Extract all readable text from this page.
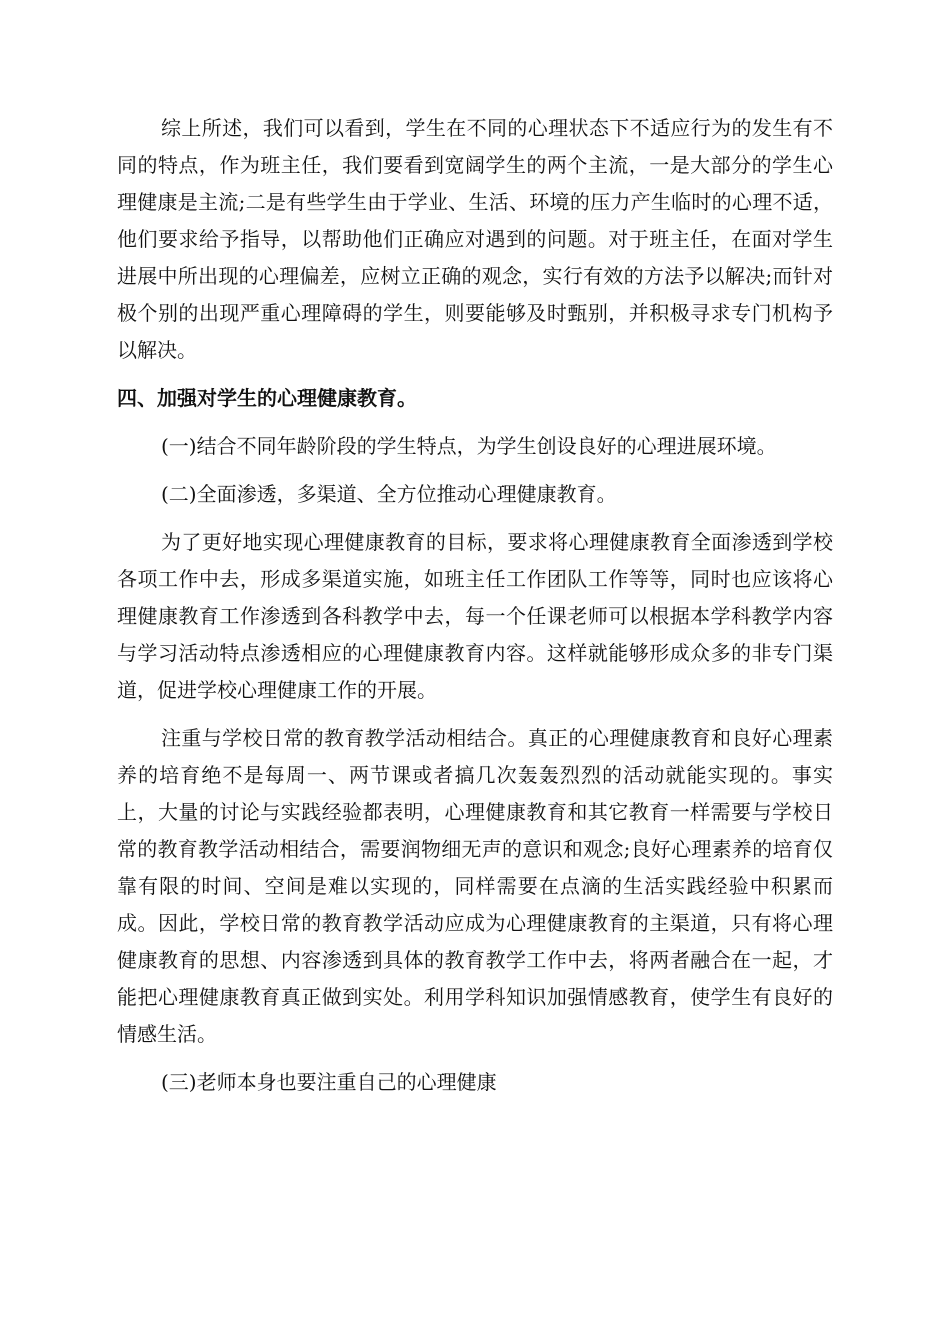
综上所述，我们可以看到，学生在不同的心理状态下不适应行为的发生有不同的特点，作为班主任，我们要看到宽阔学生的两个主流，一是大部分的学生心理健康是主流;二是有些学生由于学业、生活、环境的压力产生临时的心理不适，他们要求给予指导，以帮助他们正确应对遇到的问题。对于班主任，在面对学生进展中所出现的心理偏差，应树立正确的观念，实行有效的方法予以解决;而针对极个别的出现严重心理障碍的学生，则要能够及时甄别，并积极寻求专门机构予以解决。

四、加强对学生的心理健康教育。

(一)结合不同年龄阶段的学生特点，为学生创设良好的心理进展环境。

(二)全面渗透，多渠道、全方位推动心理健康教育。

为了更好地实现心理健康教育的目标，要求将心理健康教育全面渗透到学校各项工作中去，形成多渠道实施，如班主任工作团队工作等等，同时也应该将心理健康教育工作渗透到各科教学中去，每一个任课老师可以根据本学科教学内容与学习活动特点渗透相应的心理健康教育内容。这样就能够形成众多的非专门渠道，促进学校心理健康工作的开展。

注重与学校日常的教育教学活动相结合。真正的心理健康教育和良好心理素养的培育绝不是每周一、两节课或者搞几次轰轰烈烈的活动就能实现的。事实上，大量的讨论与实践经验都表明，心理健康教育和其它教育一样需要与学校日常的教育教学活动相结合，需要润物细无声的意识和观念;良好心理素养的培育仅靠有限的时间、空间是难以实现的，同样需要在点滴的生活实践经验中积累而成。因此，学校日常的教育教学活动应成为心理健康教育的主渠道，只有将心理健康教育的思想、内容渗透到具体的教育教学工作中去，将两者融合在一起，才能把心理健康教育真正做到实处。利用学科知识加强情感教育，使学生有良好的情感生活。

(三)老师本身也要注重自己的心理健康
